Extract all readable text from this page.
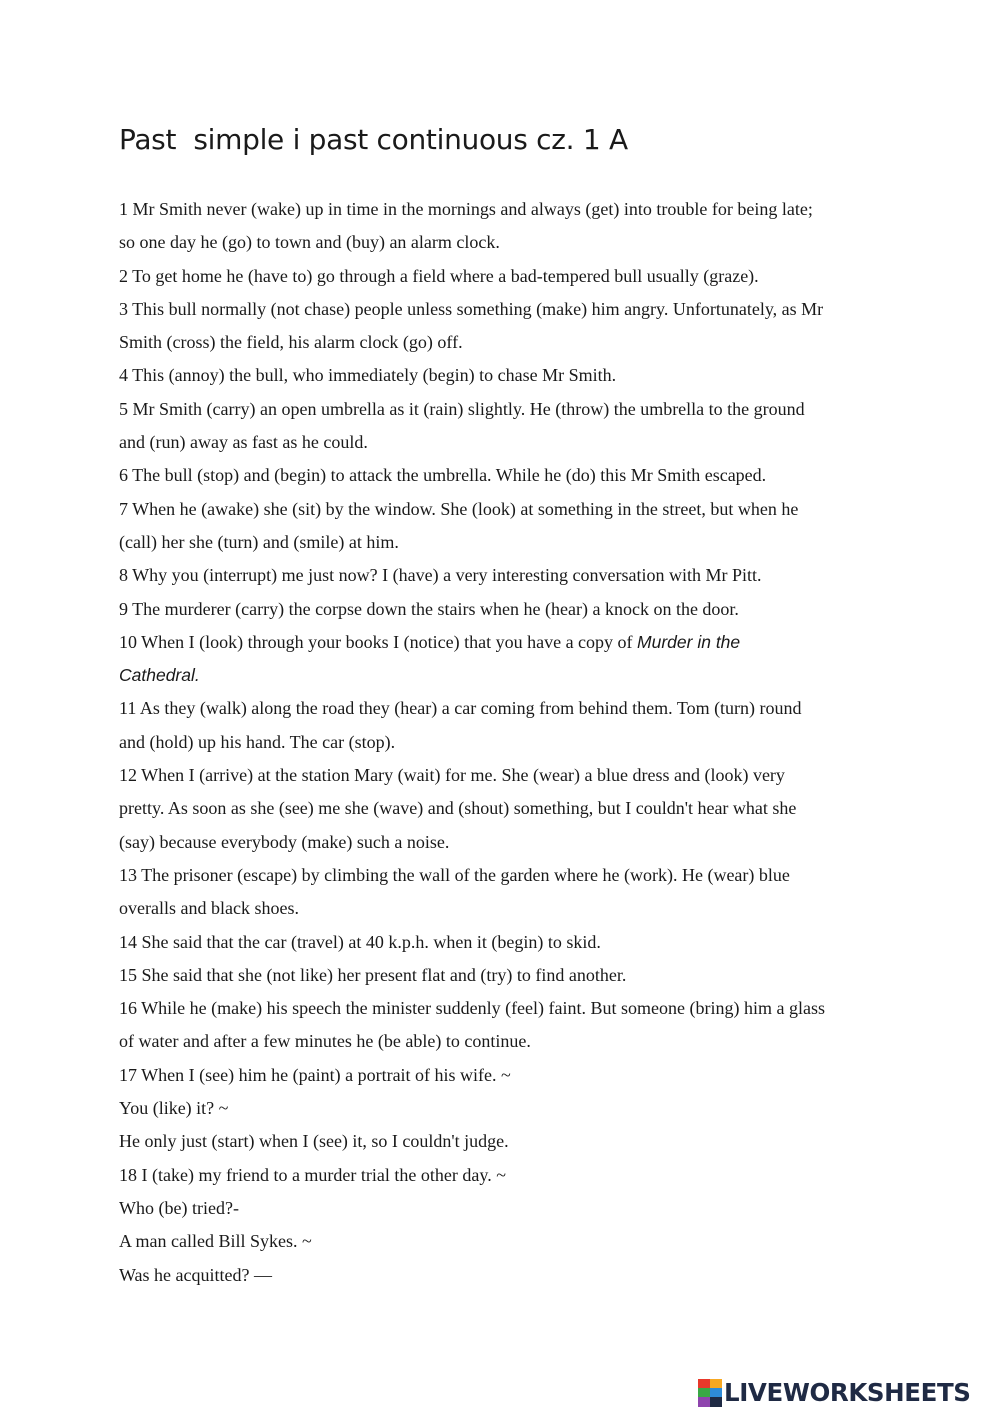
Past  simple i past continuous cz. 1 A
1 Mr Smith never (wake) up in time in the mornings and always (get) into trouble for being late;
so one day he (go) to town and (buy) an alarm clock.
2 To get home he (have to) go through a field where a bad-tempered bull usually (graze).
3 This bull normally (not chase) people unless something (make) him angry. Unfortunately, as Mr
Smith (cross) the field, his alarm clock (go) off.
4 This (annoy) the bull, who immediately (begin) to chase Mr Smith.
5 Mr Smith (carry) an open umbrella as it (rain) slightly. He (throw) the umbrella to the ground
and (run) away as fast as he could.
6 The bull (stop) and (begin) to attack the umbrella. While he (do) this Mr Smith escaped.
7 When he (awake) she (sit) by the window. She (look) at something in the street, but when he
(call) her she (turn) and (smile) at him.
8 Why you (interrupt) me just now? I (have) a very interesting conversation with Mr Pitt.
9 The murderer (carry) the corpse down the stairs when he (hear) a knock on the door.
10 When I (look) through your books I (notice) that you have a copy of Murder in the
Cathedral.
11 As they (walk) along the road they (hear) a car coming from behind them. Tom (turn) round
and (hold) up his hand. The car (stop).
12 When I (arrive) at the station Mary (wait) for me. She (wear) a blue dress and (look) very
pretty. As soon as she (see) me she (wave) and (shout) something, but I couldn't hear what she
(say) because everybody (make) such a noise.
13 The prisoner (escape) by climbing the wall of the garden where he (work). He (wear) blue
overalls and black shoes.
14 She said that the car (travel) at 40 k.p.h. when it (begin) to skid.
15 She said that she (not like) her present flat and (try) to find another.
16 While he (make) his speech the minister suddenly (feel) faint. But someone (bring) him a glass
of water and after a few minutes he (be able) to continue.
17 When I (see) him he (paint) a portrait of his wife. ~
You (like) it? ~
He only just (start) when I (see) it, so I couldn't judge.
18 I (take) my friend to a murder trial the other day. ~
Who (be) tried?-
A man called Bill Sykes. ~
Was he acquitted? —
LIVEWORKSHEETS
